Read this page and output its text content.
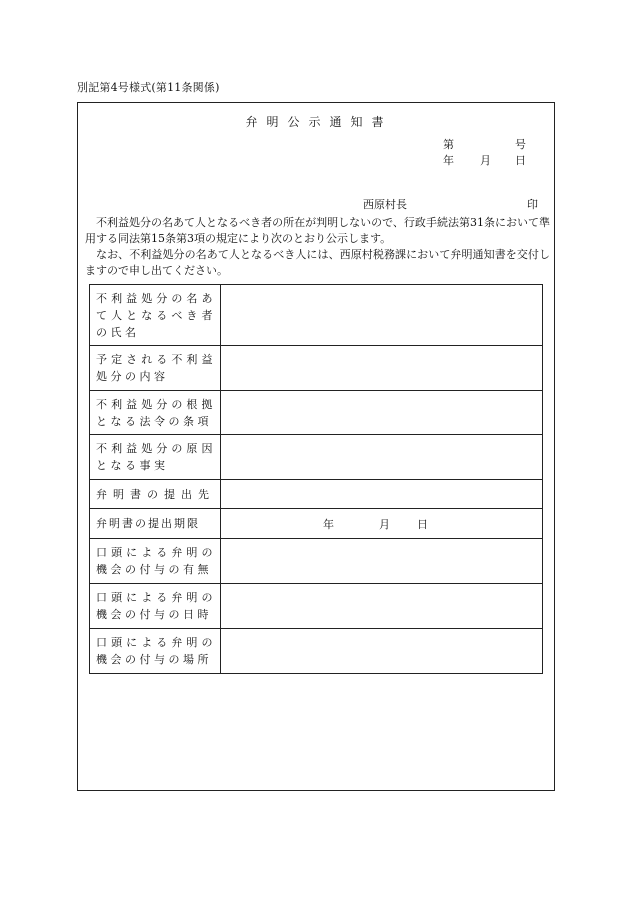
別記第4号様式(第11条関係)
弁明公示通知書
第	号
年 月 日
西原村長	印

不利益処分の名あて人となるべき者の所在が判明しないので、行政手続法第31条において準用する同法第15条第3項の規定により次のとおり公示します。

なお、不利益処分の名あて人となるべき人には、西原村税務課において弁明通知書を交付しますので申し出てください。

不利益処分の名あて人となるべき者の氏名	
予定される不利益処分の内容	
不利益処分の根拠となる法令の条項	
不利益処分の原因となる事実	
弁明書の提出先	
弁明書の提出期限	年 月 日

口頭による弁明の機会の付与の有無	
口頭による弁明の機会の付与の日時	
口頭による弁明の機会の付与の場所	
